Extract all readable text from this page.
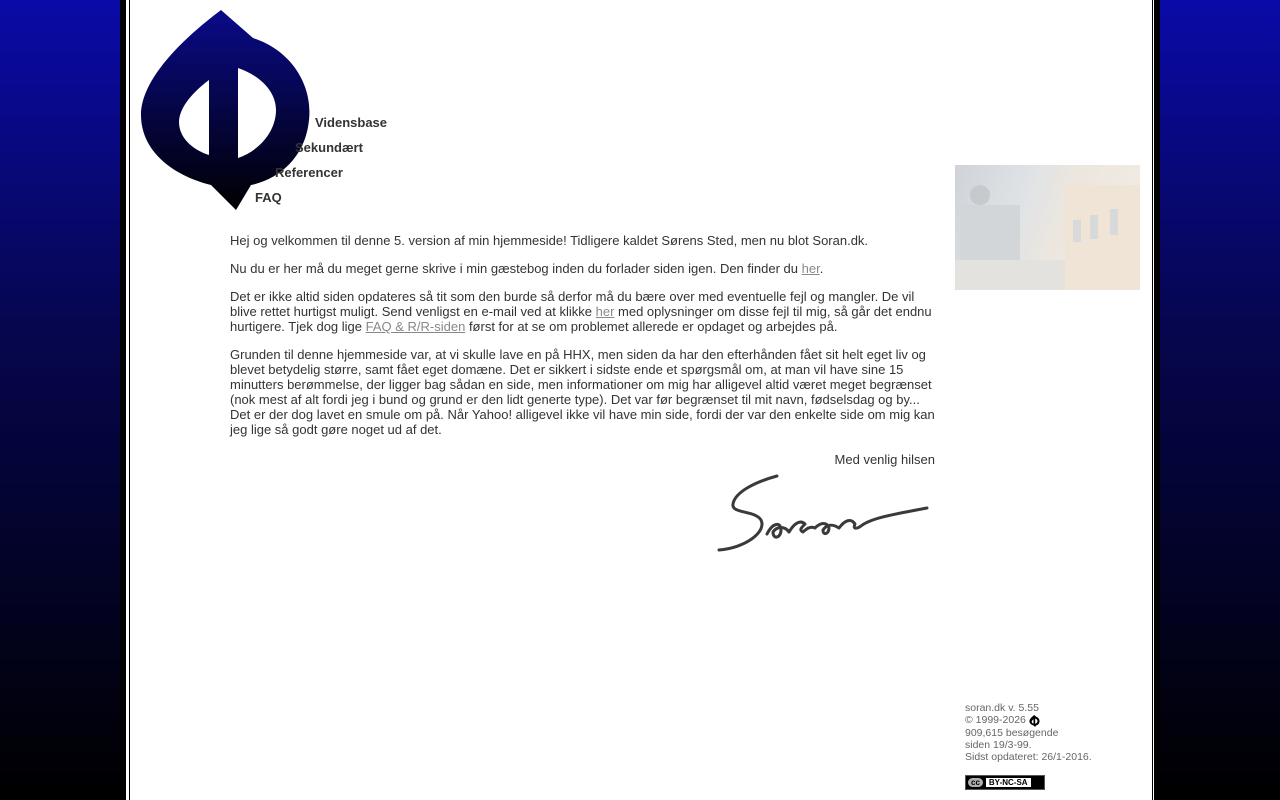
Vidensbase
Sekundært
Referencer
FAQ

Hej og velkommen til denne 5. version af min hjemmeside! Tidligere kaldet Sørens Sted, men nu blot Soran.dk.

Nu du er her må du meget gerne skrive i min gæstebog inden du forlader siden igen. Den finder du her.

Det er ikke altid siden opdateres så tit som den burde så derfor må du bære over med eventuelle fejl og mangler. De vil blive rettet hurtigst muligt. Send venligst en e-mail ved at klikke her med oplysninger om disse fejl til mig, så går det endnu hurtigere. Tjek dog lige FAQ & R/R-siden først for at se om problemet allerede er opdaget og arbejdes på.

Grunden til denne hjemmeside var, at vi skulle lave en på HHX, men siden da har den efterhånden fået sit helt eget liv og blevet betydelig større, samt fået eget domæne. Det er sikkert i sidste ende et spørgsmål om, at man vil have sine 15 minutters berømmelse, der ligger bag sådan en side, men informationer om mig har alligevel altid været meget begrænset (nok mest af alt fordi jeg i bund og grund er den lidt generte type). Det var før begrænset til mit navn, fødselsdag og by... Det er der dog lavet en smule om på. Når Yahoo! alligevel ikke vil have min side, fordi der var den enkelte side om mig kan jeg lige så godt gøre noget ud af det.

Med venlig hilsen
soran.dk v. 5.55
© 1999-2026
909,615 besøgende
siden 19/3-99.
Sidst opdateret: 26/1-2016.
cc	BY-NC-SA
